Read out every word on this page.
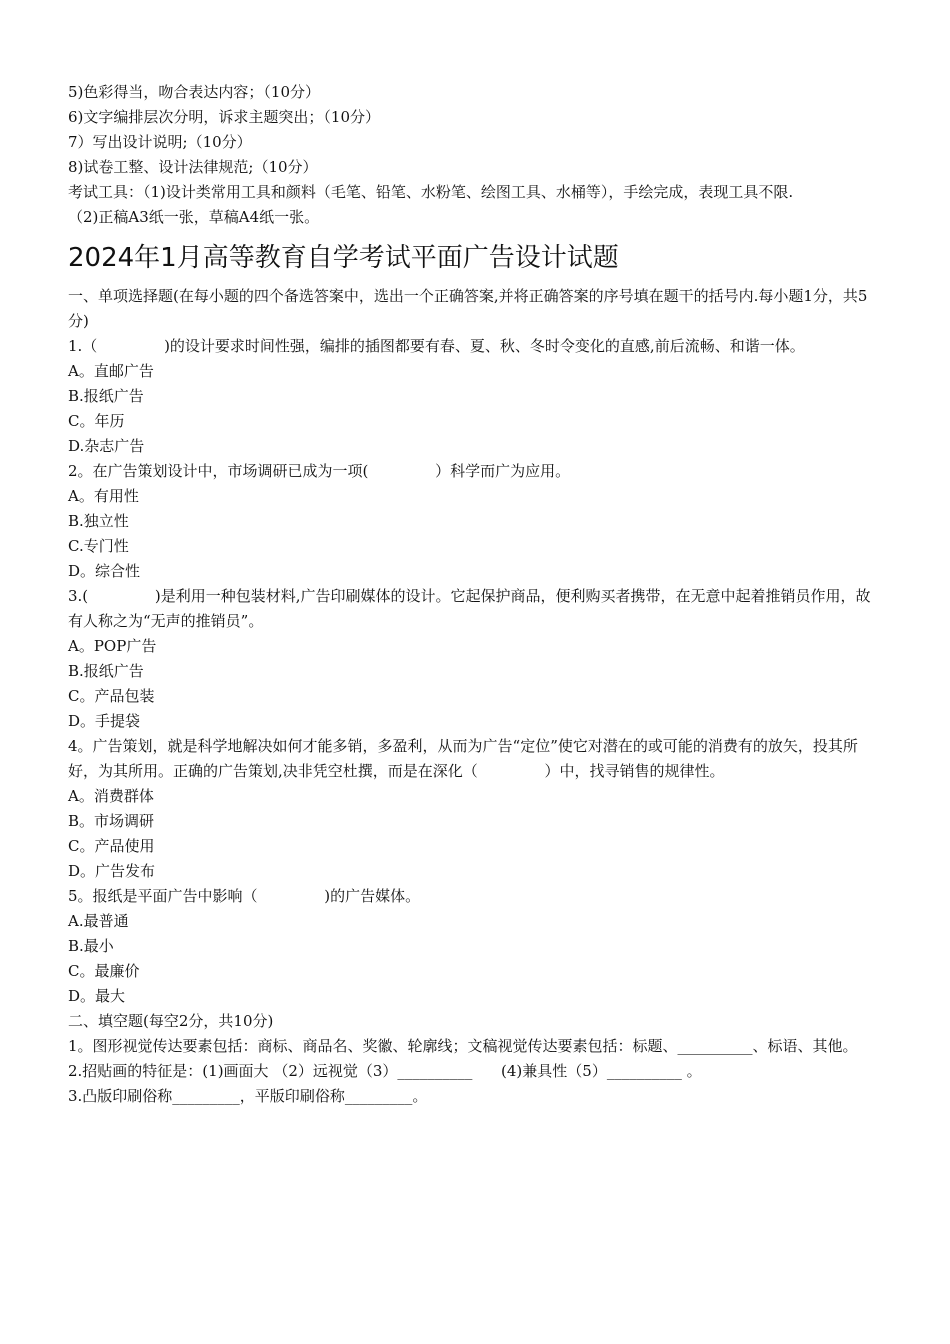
5)色彩得当，吻合表达内容；（10分）
6)文字编排层次分明，诉求主题突出；（10分）
7）写出设计说明;（10分）
8)试卷工整、设计法律规范;（10分）
考试工具：（1)设计类常用工具和颜料（毛笔、铅笔、水粉笔、绘图工具、水桶等），手绘完成，表现工具不限.
（2)正稿A3纸一张，草稿A4纸一张。
2024年1月高等教育自学考试平面广告设计试题
一、单项选择题(在每小题的四个备选答案中，选出一个正确答案,并将正确答案的序号填在题干的括号内.每小题1分，共5分)
1.（              )的设计要求时间性强，编排的插图都要有春、夏、秋、冬时令变化的直感,前后流畅、和谐一体。
A。直邮广告
B.报纸广告
C。年历
D.杂志广告
2。在广告策划设计中，市场调研已成为一项(              ）科学而广为应用。
A。有用性
B.独立性
C.专门性
D。综合性
3.(              )是利用一种包装材料,广告印刷媒体的设计。它起保护商品，便利购买者携带，在无意中起着推销员作用，故有人称之为“无声的推销员”。
A。POP广告
B.报纸广告
C。产品包装
D。手提袋
4。广告策划，就是科学地解决如何才能多销，多盈利，从而为广告“定位”使它对潜在的或可能的消费有的放矢，投其所好，为其所用。正确的广告策划,决非凭空杜撰，而是在深化（              ）中，找寻销售的规律性。
A。消费群体
B。市场调研
C。产品使用
D。广告发布
5。报纸是平面广告中影响（              )的广告媒体。
A.最普通
B.最小
C。最廉价
D。最大
二、填空题(每空2分，共10分)
1。图形视觉传达要素包括：商标、商品名、奖徽、轮廓线；文稿视觉传达要素包括：标题、__________、标语、其他。
2.招贴画的特征是：(1)画面大 （2）远视觉（3）__________      (4)兼具性（5）__________ 。
3.凸版印刷俗称_________，平版印刷俗称_________。
